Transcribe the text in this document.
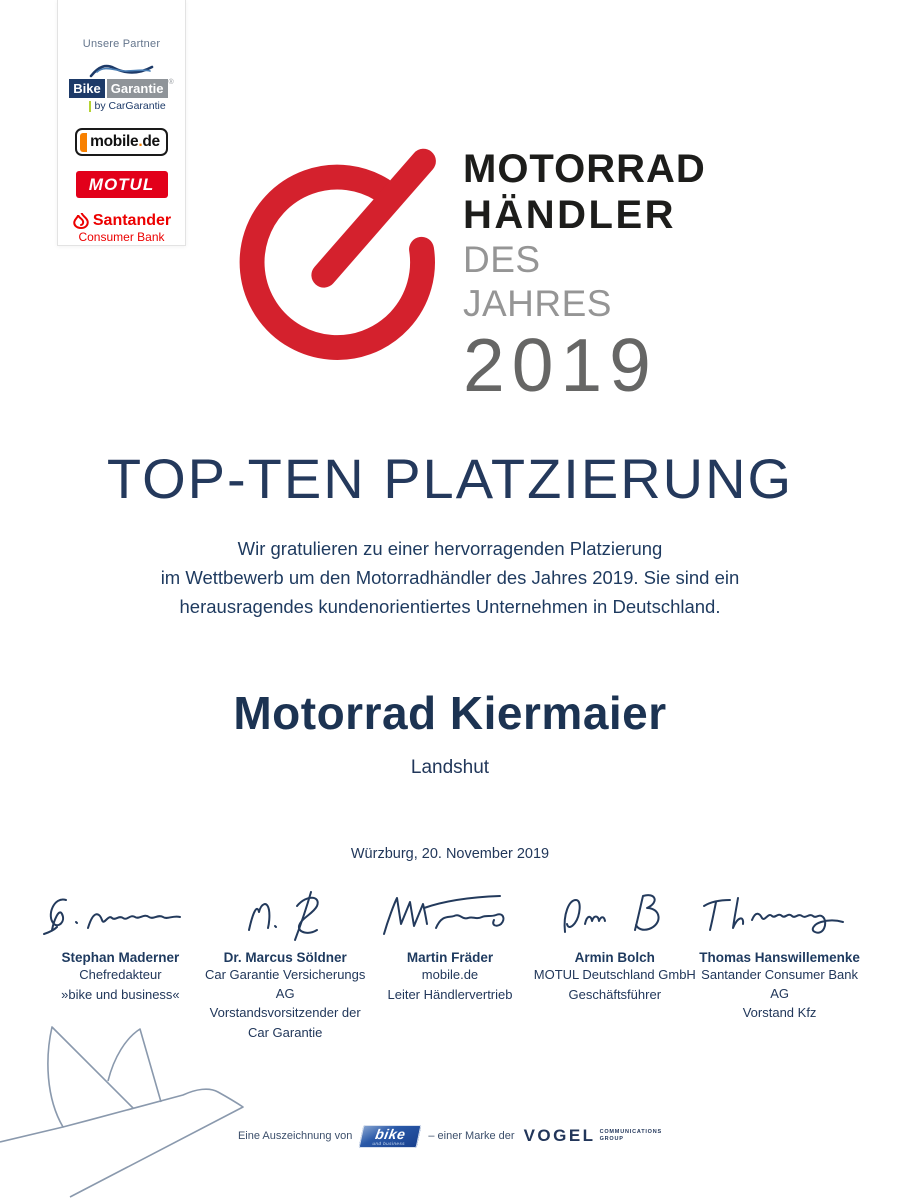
Unsere Partner
Bike Garantie ®
by CarGarantie
mobile.de
MOTUL
Santander
Consumer Bank
MOTORRAD
HÄNDLER
DES JAHRES
2019
TOP-TEN PLATZIERUNG
Wir gratulieren zu einer hervorragenden Platzierung
im Wettbewerb um den Motorradhändler des Jahres 2019. Sie sind ein
herausragendes kundenorientiertes Unternehmen in Deutschland.
Motorrad Kiermaier
Landshut
Würzburg, 20. November 2019
Stephan Maderner
Chefredakteur
»bike und business«
Dr. Marcus Söldner
Car Garantie Versicherungs AG
Vorstandsvorsitzender der
Car Garantie
Martin Fräder
mobile.de
Leiter Händlervertrieb
Armin Bolch
MOTUL Deutschland GmbH
Geschäftsführer
Thomas Hanswillemenke
Santander Consumer Bank AG
Vorstand Kfz
Eine Auszeichnung von bike
und business
– einer Marke der VOGEL COMMUNICATIONS
GROUP
